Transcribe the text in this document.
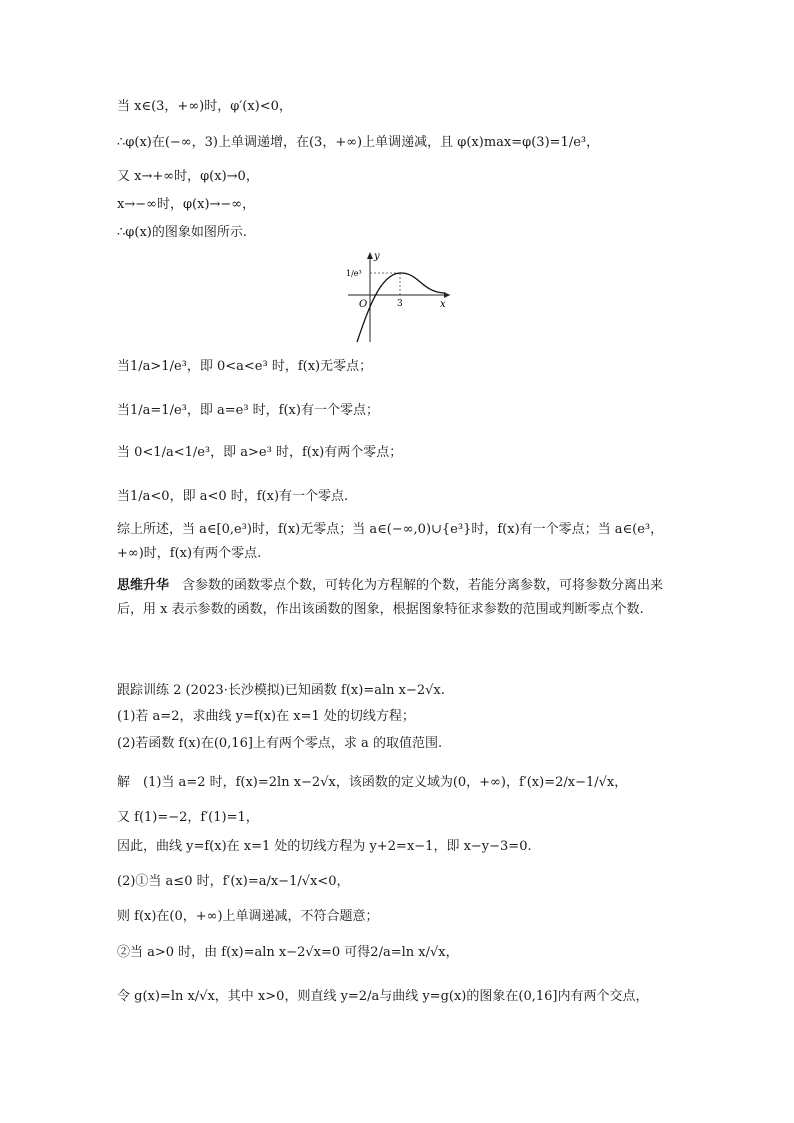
当 x∈(3，+∞)时，φ′(x)<0，
∴φ(x)在(−∞，3)上单调递增，在(3，+∞)上单调递减，且 φ(x)max=φ(3)=1/e³，
又 x→+∞时，φ(x)→0，
x→−∞时，φ(x)→−∞，
∴φ(x)的图象如图所示.
y
x
O	3
1/e³
当1/a>1/e³，即 0<a<e³ 时，f(x)无零点；
当1/a=1/e³，即 a=e³ 时，f(x)有一个零点；
当 0<1/a<1/e³，即 a>e³ 时，f(x)有两个零点；
当1/a<0，即 a<0 时，f(x)有一个零点.
综上所述，当 a∈[0,e³)时，f(x)无零点；当 a∈(−∞,0)∪{e³}时，f(x)有一个零点；当 a∈(e³，+∞)时，f(x)有两个零点.
思维升华　 含参数的函数零点个数，可转化为方程解的个数，若能分离参数，可将参数分离出来后，用 x 表示参数的函数，作出该函数的图象，根据图象特征求参数的范围或判断零点个数.
跟踪训练 2 (2023·长沙模拟)已知函数 f(x)=aln x−2√x.
(1)若 a=2，求曲线 y=f(x)在 x=1 处的切线方程；
(2)若函数 f(x)在(0,16]上有两个零点，求 a 的取值范围.
解　(1)当 a=2 时，f(x)=2ln x−2√x，该函数的定义域为(0，+∞)，f′(x)=2/x−1/√x，
又 f(1)=−2，f′(1)=1，
因此，曲线 y=f(x)在 x=1 处的切线方程为 y+2=x−1，即 x−y−3=0.
(2)①当 a≤0 时，f′(x)=a/x−1/√x<0，
则 f(x)在(0，+∞)上单调递减，不符合题意；
②当 a>0 时，由 f(x)=aln x−2√x=0 可得2/a=ln x/√x，
令 g(x)=ln x/√x，其中 x>0，则直线 y=2/a与曲线 y=g(x)的图象在(0,16]内有两个交点，
